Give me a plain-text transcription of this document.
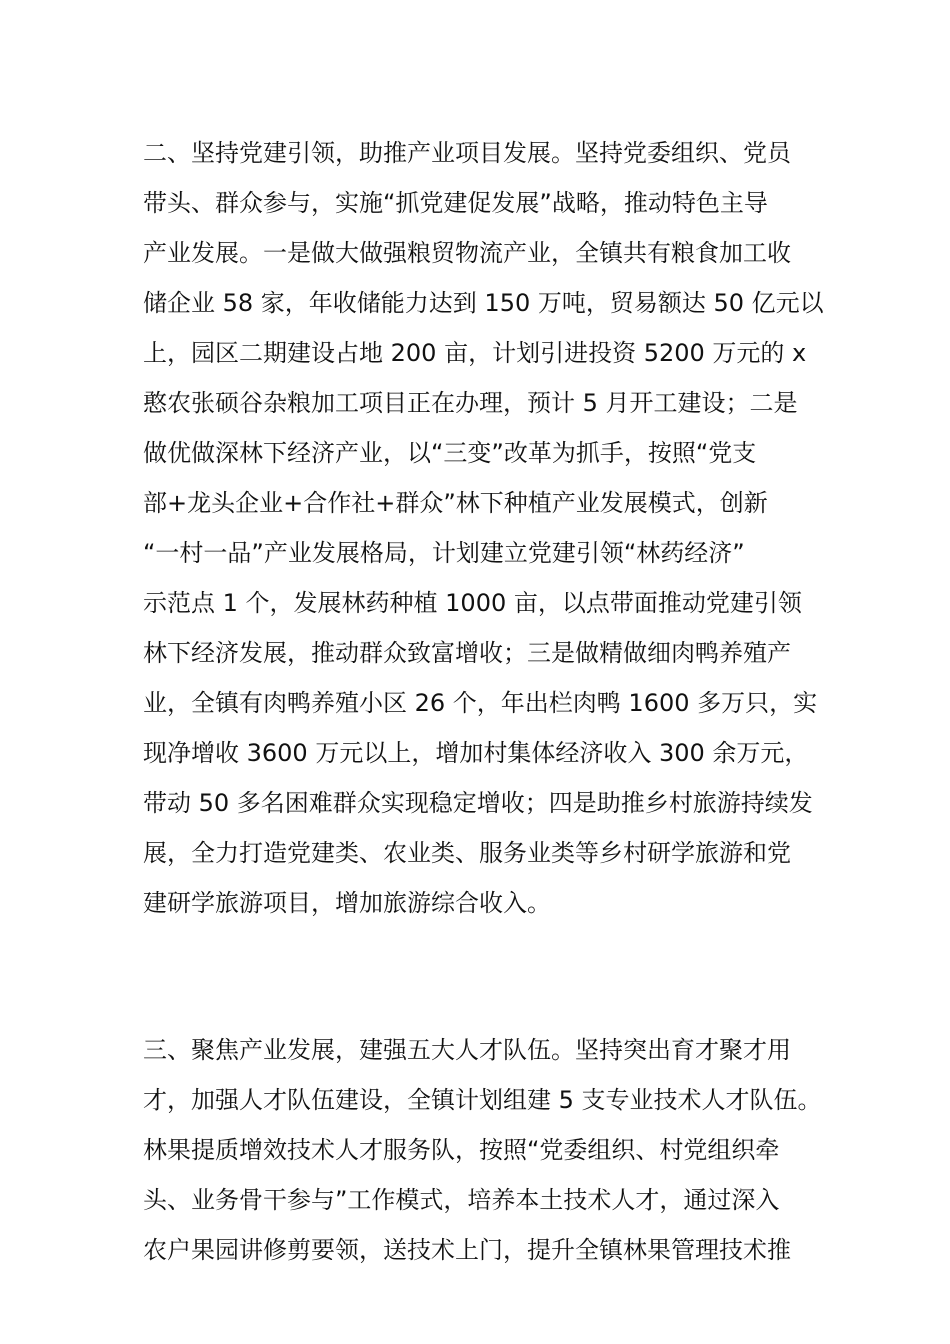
二、坚持党建引领，助推产业项目发展。坚持党委组织、党员
带头、群众参与，实施“抓党建促发展”战略，推动特色主导
产业发展。一是做大做强粮贸物流产业，全镇共有粮食加工收
储企业 58 家，年收储能力达到 150 万吨，贸易额达 50 亿元以
上，园区二期建设占地 200 亩，计划引进投资 5200 万元的 x
憨农张硕谷杂粮加工项目正在办理，预计 5 月开工建设；二是
做优做深林下经济产业，以“三变”改革为抓手，按照“党支
部+龙头企业+合作社+群众”林下种植产业发展模式，创新
“一村一品”产业发展格局，计划建立党建引领“林药经济”
示范点 1 个，发展林药种植 1000 亩，以点带面推动党建引领
林下经济发展，推动群众致富增收；三是做精做细肉鸭养殖产
业，全镇有肉鸭养殖小区 26 个，年出栏肉鸭 1600 多万只，实
现净增收 3600 万元以上，增加村集体经济收入 300 余万元，
带动 50 多名困难群众实现稳定增收；四是助推乡村旅游持续发
展，全力打造党建类、农业类、服务业类等乡村研学旅游和党
建研学旅游项目，增加旅游综合收入。
三、聚焦产业发展，建强五大人才队伍。坚持突出育才聚才用
才，加强人才队伍建设，全镇计划组建 5 支专业技术人才队伍。
林果提质增效技术人才服务队，按照“党委组织、村党组织牵
头、业务骨干参与”工作模式，培养本土技术人才，通过深入
农户果园讲修剪要领，送技术上门，提升全镇林果管理技术推
